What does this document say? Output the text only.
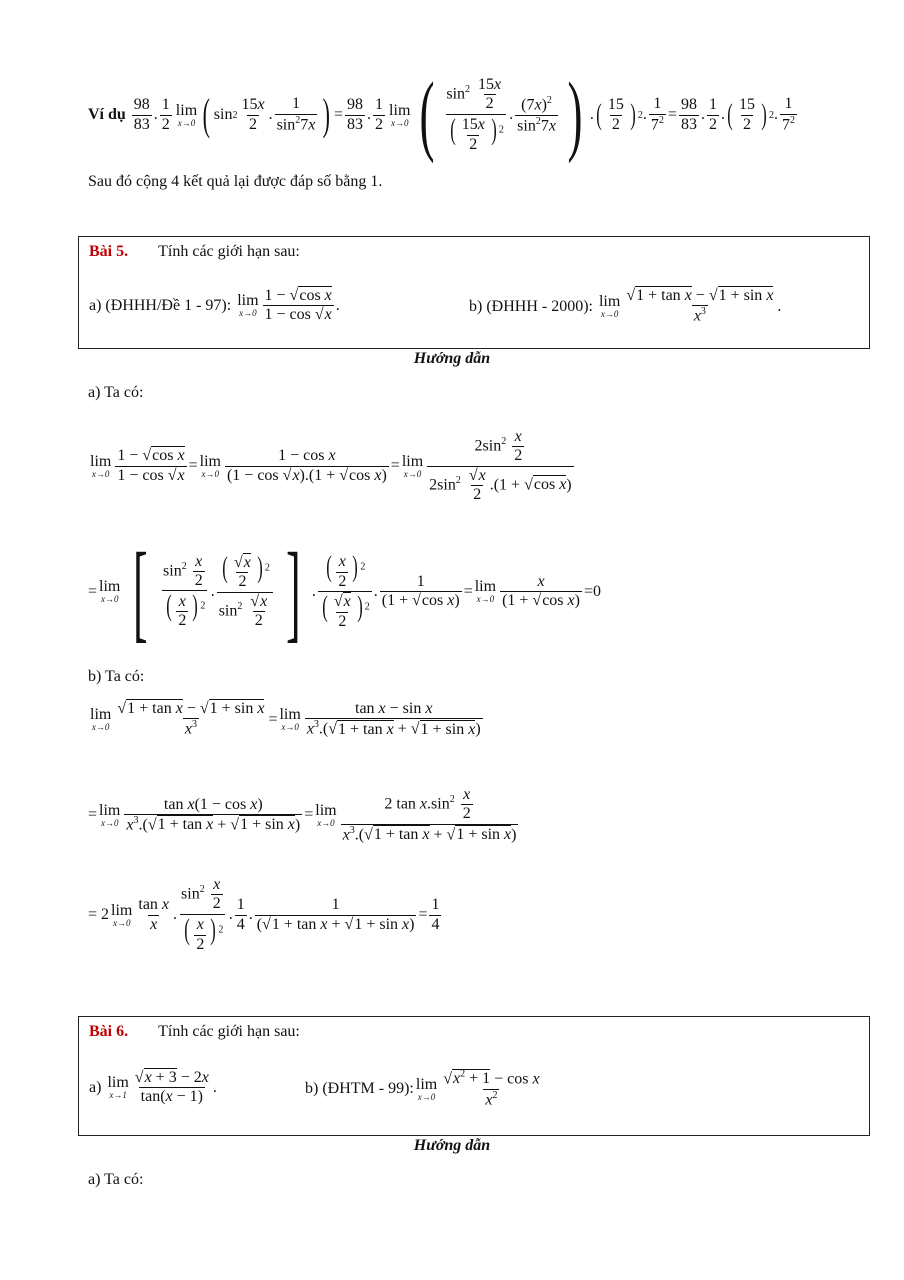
Ví dụ
$\frac{98}{83}$ . $\frac{1}{2}$ lim
x→0 ( $\sin 2 \frac{15x}{2}$ . $\frac{1}{\sin^27x}$ ) = $\frac{98}{83}$ . $\frac{1}{2}$ lim
x→0 ( $\frac{\sin^2 \frac{15x}{2}}{( \frac{15x}{2} ) ^2}$ . $\frac{(7x)^2}{\sin^27x}$ ) . ( $\frac{15}{2}$ ) 2 . $\frac{1}{7^2} = \frac{98}{83}$ . $\frac{1}{2}$ . ( $\frac{15}{2}$ ) 2 . $\frac{1}{7^2}$
Sau đó cộng 4 kết quả lại được đáp số bằng 1.
Bài 5. Tính các giới hạn sau:
a) (ĐHHH/Đề 1 - 97):
lim
$x\to 0 \frac{\text{1 − √cos x}}{1 - \cos √x}$ .	b) (ĐHHH - 2000):
lim
$x\to 0 \frac{\text{√1 + tan x − √1 + sin x}}{x^3}$ .
Hướng dẫn
a) Ta có:
lim
$x\to 0 \frac{\text{1 − √cos x}}{1 - \cos √x} = \lim$
$x\to 0 \frac{\text{1 − cos x}}{\text{(1 − cos √x).(1 + √cos x)}} = \lim$
$x\to 0 \frac{2\sin^2 \frac{x}{2}}{2\sin^2 \frac{√x}{2} .(1 + √\cos x)}$
= lim
x→0 [ $\frac{\sin^2 \frac{x}{2}}{( \frac{x}{2} ) ^2}$ . $\frac{( \frac{√x}{2} ) ^2}{\sin^2 \frac{√x}{2}}$ ] . $\frac{( \frac{x}{2} ) ^2}{( \frac{√x}{2} ) ^2}$ . $\frac{1}{\text{(1 + √cos x)}} = \lim$
$x\to 0 \frac{x}{\text{(1 + √cos x)}} = 0$
b) Ta có:
lim
$x\to 0 \frac{\text{√1 + tan x − √1 + sin x}}{x^3} = \lim$
$x\to 0 \frac{\text{tan x − sin x}}{x^3.(√1 + \tan x + √1 + \sin x)}$
= lim
$x\to 0 \frac{\text{tan x(1 − cos x)}}{x^3.(√1 + \tan x + √1 + \sin x)} = \lim$
$x\to 0 \frac{2 \tan x.\sin^2 \frac{x}{2}}{x^3.(√1 + \tan x + √1 + \sin x)}$
= 2 lim
$x\to 0 \frac{\text{tan x}}{x}$ . $\frac{\sin^2 \frac{x}{2}}{( \frac{x}{2} ) ^2}$ . $\frac{1}{4}$ . $\frac{1}{\text{(√1 + tan x + √1 + sin x)}} = \frac{1}{4}$
Bài 6. Tính các giới hạn sau:
a)
lim
$x\to 1 \frac{√x + 3 - 2x}{\tan(x - 1)}$ .	b) (ĐHTM - 99): lim
$x\to 0 \frac{√x^2 + 1 - \cos x}{x^2}$
Hướng dẫn
a) Ta có:
